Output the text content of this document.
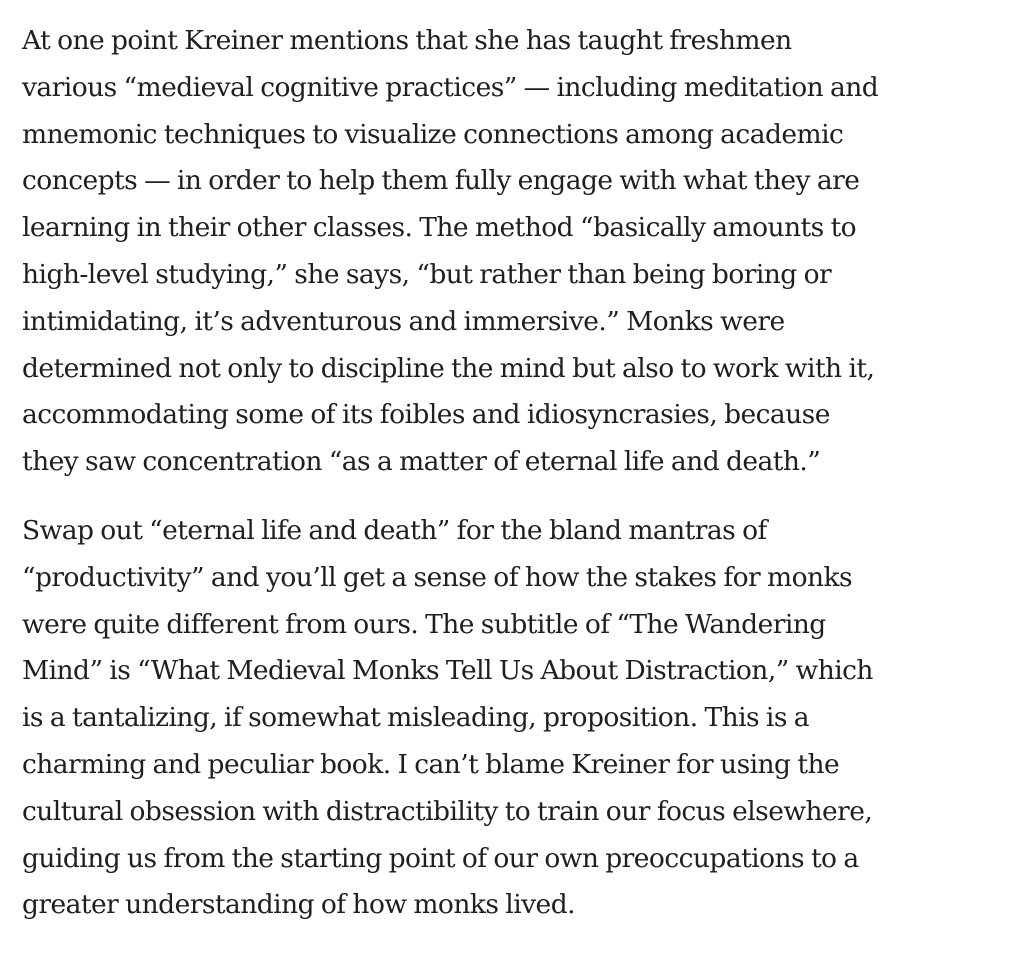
At one point Kreiner mentions that she has taught freshmen
various “medieval cognitive practices” — including meditation and
mnemonic techniques to visualize connections among academic
concepts — in order to help them fully engage with what they are
learning in their other classes. The method “basically amounts to
high-level studying,” she says, “but rather than being boring or
intimidating, it’s adventurous and immersive.” Monks were
determined not only to discipline the mind but also to work with it,
accommodating some of its foibles and idiosyncrasies, because
they saw concentration “as a matter of eternal life and death.”

Swap out “eternal life and death” for the bland mantras of
“productivity” and you’ll get a sense of how the stakes for monks
were quite different from ours. The subtitle of “The Wandering
Mind” is “What Medieval Monks Tell Us About Distraction,” which
is a tantalizing, if somewhat misleading, proposition. This is a
charming and peculiar book. I can’t blame Kreiner for using the
cultural obsession with distractibility to train our focus elsewhere,
guiding us from the starting point of our own preoccupations to a
greater understanding of how monks lived.
